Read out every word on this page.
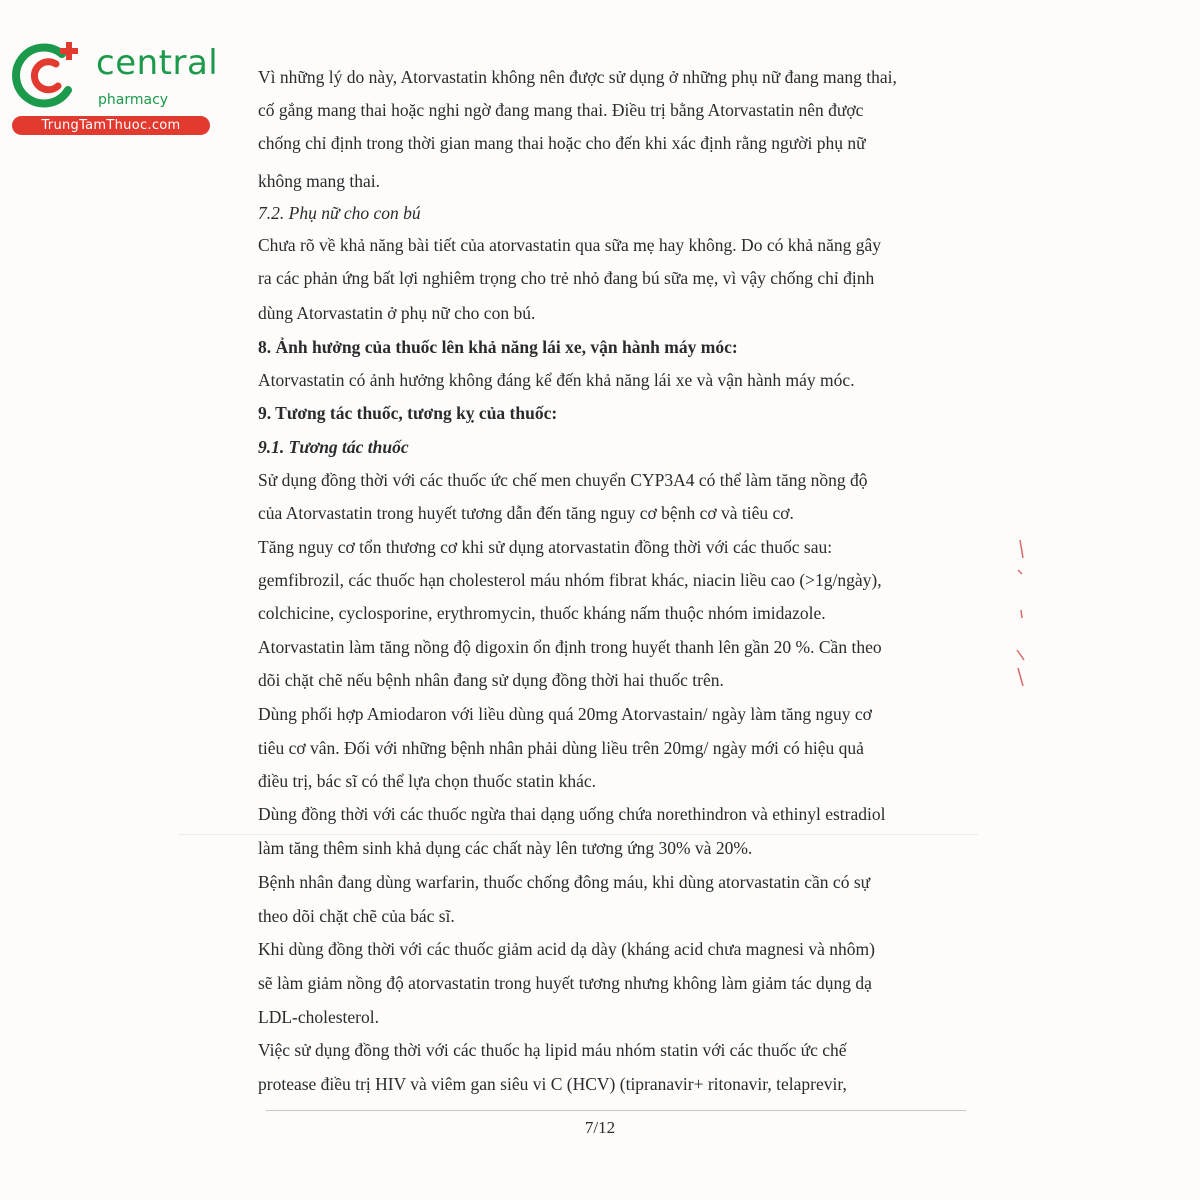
central
pharmacy
TrungTamThuoc.com
Vì những lý do này, Atorvastatin không nên được sử dụng ở những phụ nữ đang mang thai,
cố gắng mang thai hoặc nghi ngờ đang mang thai. Điều trị bằng Atorvastatin nên được
chống chỉ định trong thời gian mang thai hoặc cho đến khi xác định rằng người phụ nữ
không mang thai.
7.2. Phụ nữ cho con bú
Chưa rõ về khả năng bài tiết của atorvastatin qua sữa mẹ hay không. Do có khả năng gây
ra các phản ứng bất lợi nghiêm trọng cho trẻ nhỏ đang bú sữa mẹ, vì vậy chống chỉ định
dùng Atorvastatin ở phụ nữ cho con bú.
8. Ảnh hưởng của thuốc lên khả năng lái xe, vận hành máy móc:
Atorvastatin có ảnh hưởng không đáng kể đến khả năng lái xe và vận hành máy móc.
9. Tương tác thuốc, tương kỵ của thuốc:
9.1. Tương tác thuốc
Sử dụng đồng thời với các thuốc ức chế men chuyển CYP3A4 có thể làm tăng nồng độ
của Atorvastatin trong huyết tương dẫn đến tăng nguy cơ bệnh cơ và tiêu cơ.
Tăng nguy cơ tổn thương cơ khi sử dụng atorvastatin đồng thời với các thuốc sau:
gemfibrozil, các thuốc hạn cholesterol máu nhóm fibrat khác, niacin liều cao (>1g/ngày),
colchicine, cyclosporine, erythromycin, thuốc kháng nấm thuộc nhóm imidazole.
Atorvastatin làm tăng nồng độ digoxin ổn định trong huyết thanh lên gần 20 %. Cần theo
dõi chặt chẽ nếu bệnh nhân đang sử dụng đồng thời hai thuốc trên.
Dùng phối hợp Amiodaron với liều dùng quá 20mg Atorvastain/ ngày làm tăng nguy cơ
tiêu cơ vân. Đối với những bệnh nhân phải dùng liều trên 20mg/ ngày mới có hiệu quả
điều trị, bác sĩ có thể lựa chọn thuốc statin khác.
Dùng đồng thời với các thuốc ngừa thai dạng uống chứa norethindron và ethinyl estradiol
làm tăng thêm sinh khả dụng các chất này lên tương ứng 30% và 20%.
Bệnh nhân đang dùng warfarin, thuốc chống đông máu, khi dùng atorvastatin cần có sự
theo dõi chặt chẽ của bác sĩ.
Khi dùng đồng thời với các thuốc giảm acid dạ dày (kháng acid chưa magnesi và nhôm)
sẽ làm giảm nồng độ atorvastatin trong huyết tương nhưng không làm giảm tác dụng dạ
LDL-cholesterol.
Việc sử dụng đồng thời với các thuốc hạ lipid máu nhóm statin với các thuốc ức chế
protease điều trị HIV và viêm gan siêu vi C (HCV) (tipranavir+ ritonavir, telaprevir,
7/12
